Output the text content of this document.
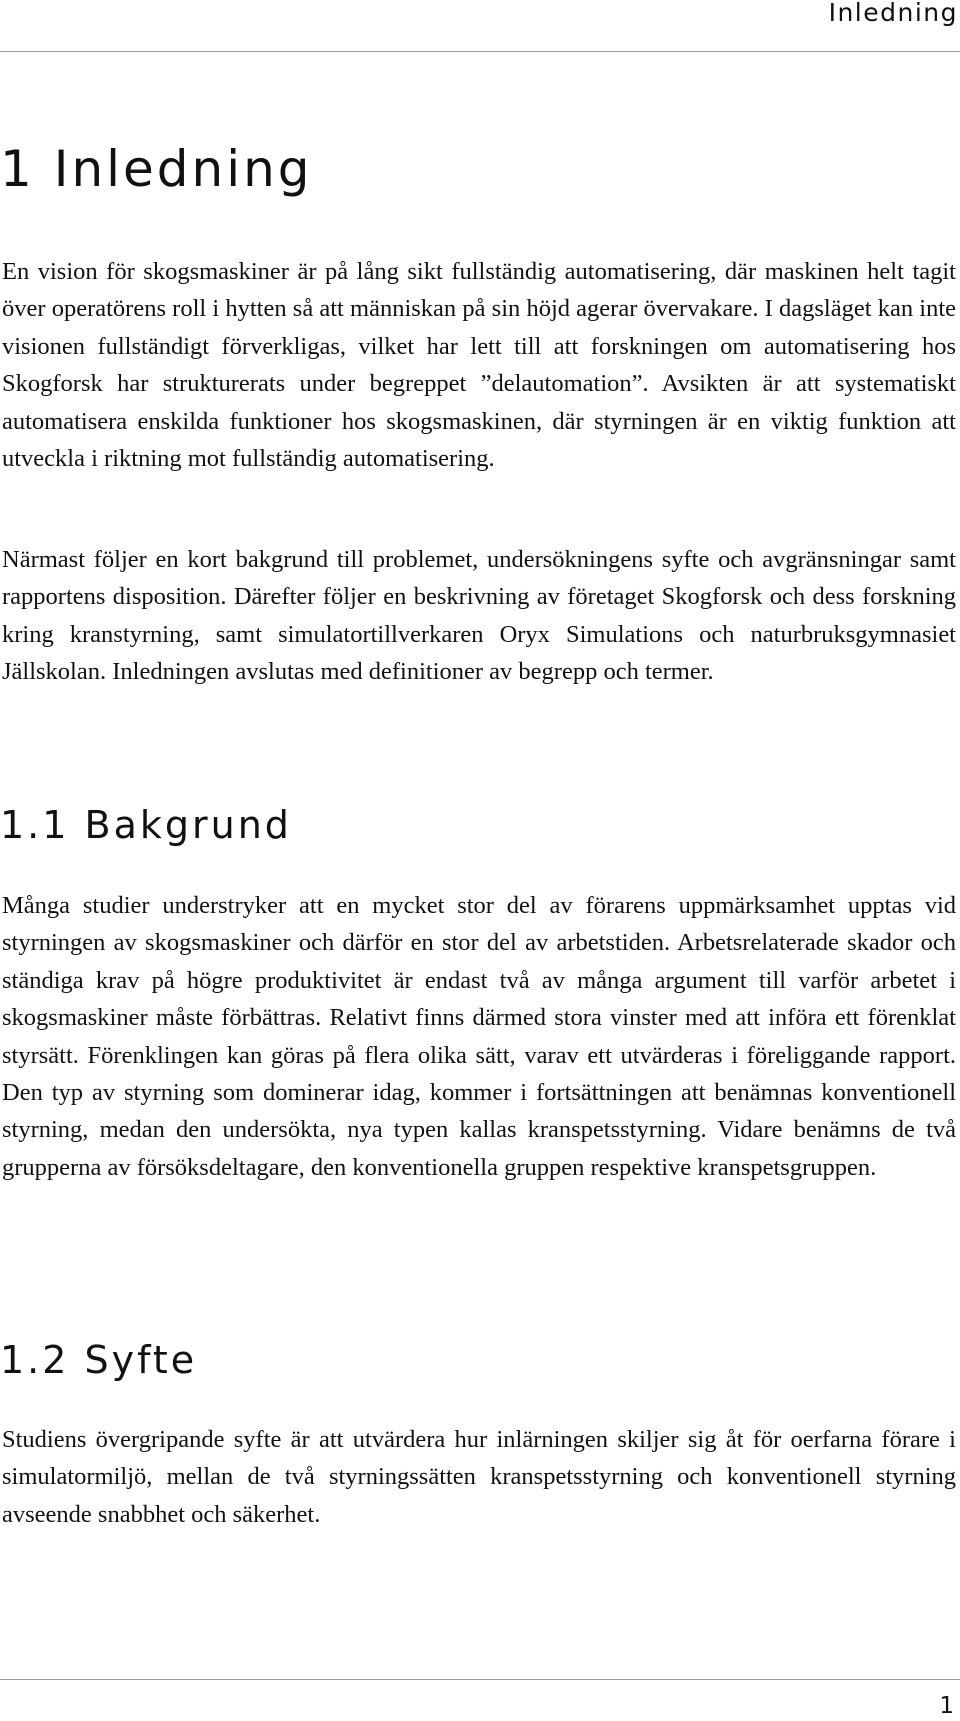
Inledning
1 Inledning

En vision för skogsmaskiner är på lång sikt fullständig automatisering, där maskinen helt tagit över operatörens roll i hytten så att människan på sin höjd agerar övervakare. I dagsläget kan inte visionen fullständigt förverkligas, vilket har lett till att forskningen om automatisering hos Skogforsk har strukturerats under begreppet ”delautomation”. Avsikten är att systematiskt automatisera enskilda funktioner hos skogsmaskinen, där styrningen är en viktig funktion att utveckla i riktning mot fullständig automatisering.

Närmast följer en kort bakgrund till problemet, undersökningens syfte och avgränsningar samt rapportens disposition. Därefter följer en beskrivning av företaget Skogforsk och dess forskning kring kranstyrning, samt simulatortillverkaren Oryx Simulations och naturbruksgymnasiet Jällskolan. Inledningen avslutas med definitioner av begrepp och termer.

1.1 Bakgrund

Många studier understryker att en mycket stor del av förarens uppmärksamhet upptas vid styrningen av skogsmaskiner och därför en stor del av arbetstiden. Arbetsrelaterade skador och ständiga krav på högre produktivitet är endast två av många argument till varför arbetet i skogsmaskiner måste förbättras. Relativt finns därmed stora vinster med att införa ett förenklat styrsätt. Förenklingen kan göras på flera olika sätt, varav ett utvärderas i föreliggande rapport. Den typ av styrning som dominerar idag, kommer i fortsättningen att benämnas konventionell styrning, medan den undersökta, nya typen kallas kranspetsstyrning. Vidare benämns de två grupperna av försöksdeltagare, den konventionella gruppen respektive kranspetsgruppen.

1.2 Syfte

Studiens övergripande syfte är att utvärdera hur inlärningen skiljer sig åt för oerfarna förare i simulatormiljö, mellan de två styrningssätten kranspetsstyrning och konventionell styrning avseende snabbhet och säkerhet.

1
